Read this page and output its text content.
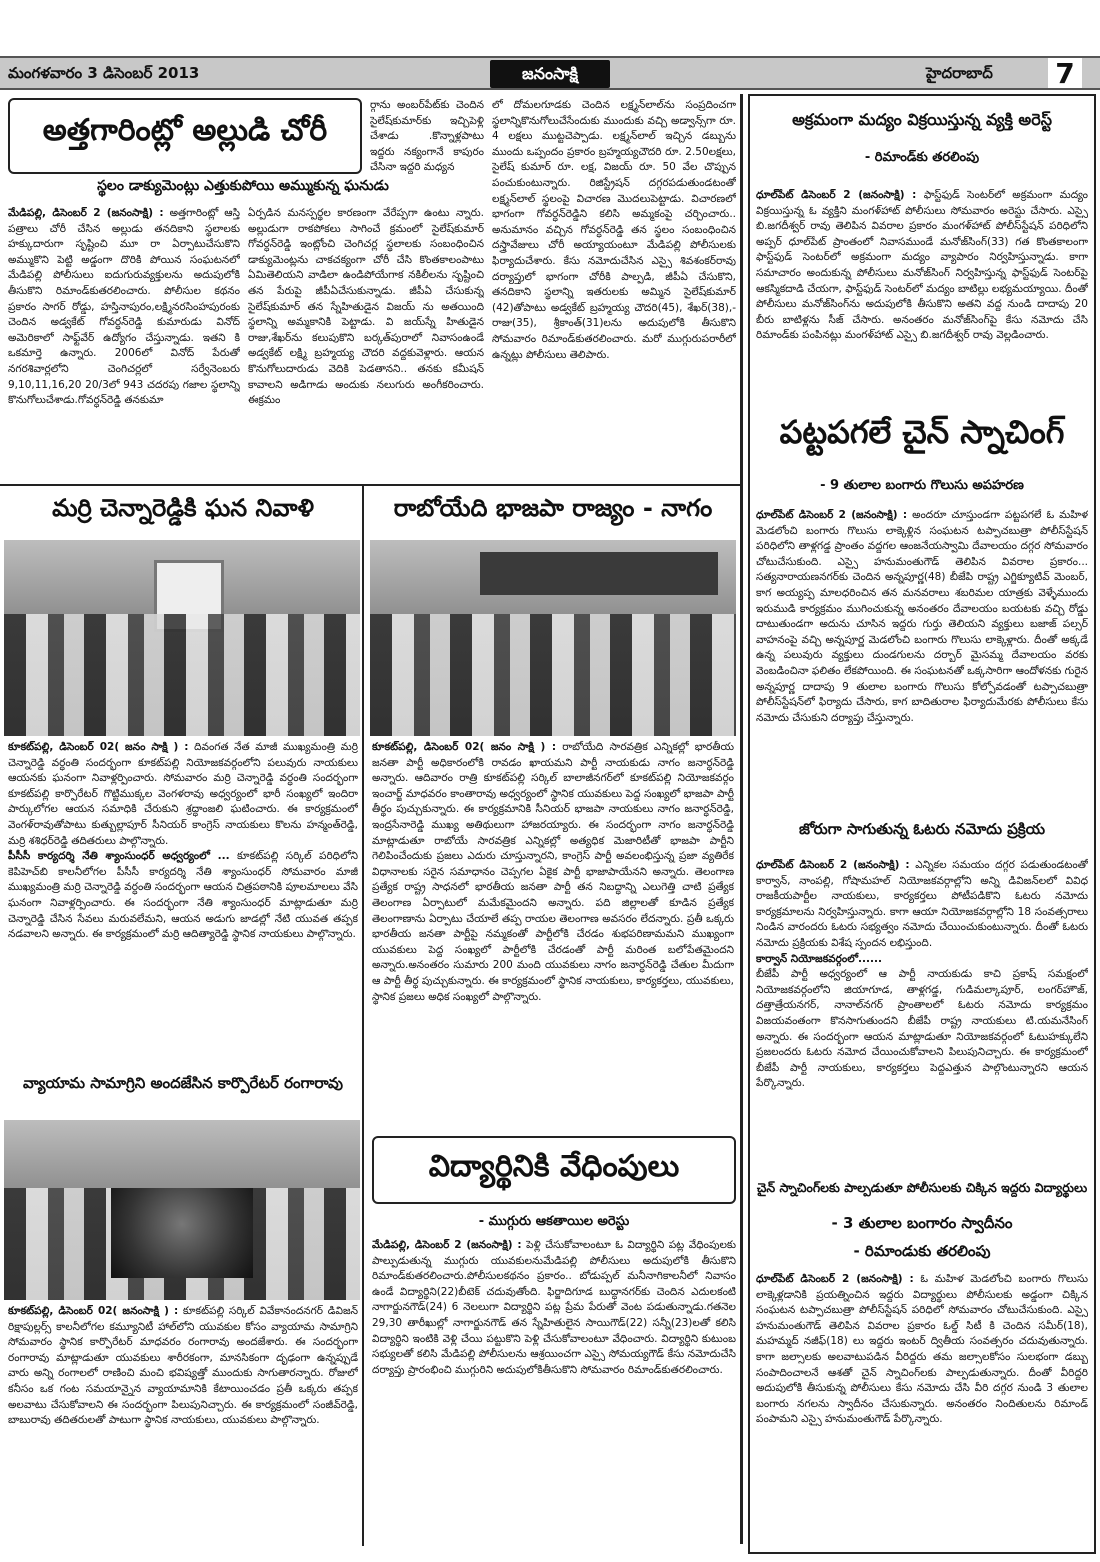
మంగళవారం 3 డిసెంబర్ 2013	జనంసాక్షి	హైదరాబాద్ 7
అత్తగారింట్లో అల్లుడి చోరీ
స్థలం డాక్యుమెంట్లు ఎత్తుకుపోయి అమ్ముకున్న ఘనుడు
మేడిపల్లి, డిసెంబర్ 2 (జనంసాక్షి) : అత్తగారింట్లో ఆస్తి పత్రాలు చోరీ చేసిన అల్లుడు తనదికాని స్థలాలకు హక్కుదారుగా సృష్టించి మూ రా ఏర్పాటుచేసుకొని అమ్ముకొని పెట్టి అడ్డంగా దొరికి పోయిన సంఘటనలో మేడిపల్లి పోలీసులు ఐదుగురువ్యక్తులను అదుపులోకి తీసుకొని రిమాండ్‌కుతరలించారు. పోలీసుల కథనం ప్రకారం సాగర్ రోడ్డు, హస్తినాపురం,లక్ష్మినరసింహపురంకు చెందిన అడ్వకేట్ గోవర్ధన్‌రెడ్డి కుమారుడు వినోద్ అమెరికాలో సాఫ్ట్‌వేర్ ఉద్యోగం చేస్తున్నాడు. ఇతని కి ఒకమార్తె ఉన్నారు. 2006లో వినోద్ పేరుతో నగరశివార్లలోని చెంగిచర్లలో సర్వేనెంబరు 9,10,11,16,20 20/3లో 943 చదరపు గజాల స్థలాన్ని కొనుగోలుచేశాడు.గోవర్ధన్‌రెడ్డి తనకుమా
ఏర్పడిన మనస్పర్థల కారణంగా వేరేప్పగా ఉంటు న్నారు. అల్లుడుగా రాకపోకలు సాగించే క్రమంలో సైలేష్‌కుమార్ గోవర్ధన్‌రెడ్డి ఇంట్లోంచి చెంగిచర్ల స్థలాలకు సంబంధించిన డాక్యుమెంట్లను చాకచక్యంగా చోరీ చేసి కొంతకాలంపాటు ఏమితెలియని వాడిలా ఉండిపోయేగాక నకిలీలను సృష్టించి తన పేరుపై జీపీఏచేసుకున్నాడు. జీపీఏ చేసుకున్న సైలేష్‌కుమార్ తన స్నేహితుడైన విజయ్ ను అతయింది స్థలాన్ని అమ్మకానికి పెట్టాడు. వి జయ్‌స్నే హితుడైన రాజు,శేఖర్‌ను కలుపుకొని బర్కత్‌పురాలో నివాసంఉండే అడ్వకేట్ లక్ష్మి బ్రహ్మయ్య చౌదరి వద్దకువెళ్లారు. ఆయన కొనుగోలుదారుడు వెదికి పెడతానని.. తనకు కమీషన్ కావాలని అడిగాడు అందుకు నలుగురు అంగీకరించారు. ఈక్రమం
ర్గాను అంబర్‌పేట్‌కు చెందిన సైలేష్‌కుమార్‌కు ఇచ్చిపెళ్లి చేశాడు .కొన్నాళ్లపాటు ఇద్దరు నక్యంగానే కాపురం చేసినా ఇద్దరి మధ్యన
లో దోమలగూడకు చెందిన లక్ష్మన్‌లాల్‌ను సంప్రదించగా స్థలాన్నికొనుగోలుచేసేందుకు ముందుకు వచ్చి అడ్వాన్స్‌గా రూ. 4 లక్షలు ముట్టచెప్పాడు. లక్ష్మన్‌లాల్ ఇచ్చిన డబ్బును ముందు ఒప్పందం ప్రకారం బ్రహ్మయ్యచౌదరి రూ. 2.50లక్షలు, సైలేష్ కుమార్ రూ. లక్ష, విజయ్ రూ. 50 వేల చొప్పున పంచుకుంటున్నారు. రిజిస్ట్రేషన్ దగ్గరపడుతుండటంతో లక్ష్మన్‌లాల్ స్థలంపై విచారణ మొదలుపెట్టాడు. విచారణలో భాగంగా గోవర్ధన్‌రెడ్డిని కలిసి అమ్మకంపై చర్చించారు.. అనుమానం వచ్చిన గోవర్ధన్‌రెడ్డి తన స్థలం సంబంధించిన దస్త్రావేజులు చోరీ అయ్యాయంటూ మేడిపల్లి పోలీసులకు ఫిర్యాదుచేశారు. కేసు నమోదుచేసిన ఎస్సై శివశంకర్‌రావు దర్యాప్తులో భాగంగా చోరీకి పాల్పడి, జీపీఏ చేసుకొని, తనదికాని స్థలాన్ని ఇతరులకు అమ్మిన సైలేష్‌కుమార్ (42)తోపాటు అడ్వకేట్ బ్రహ్మయ్య చౌదరి(45), శేఖర్(38),-రాజు(35), శ్రీకాంత్(31)లను అదుపులోకి తీసుకొని సోమవారం రిమాండ్‌కుతరలించారు. మరో ముగ్గురుపరారీలో ఉన్నట్లు పోలీసులు తెలిపారు.
మర్రి చెన్నారెడ్డికి ఘన నివాళి
కూకట్‌పల్లి, డిసెంబర్ 02( జనం సాక్షి ) : దివంగత నేత మాజీ ముఖ్యమంత్రి మర్రి చెన్నారెడ్డి వర్ధంతి సందర్భంగా కూకట్‌పల్లి నియోజకవర్గంలోని పలువురు నాయకులు ఆయనకు ఘనంగా నివాళ్లర్పించారు. సోమవారం మర్రి చెన్నారెడ్డి వర్ధంతి సందర్భంగా కూకట్‌పల్లి కార్పొరేటర్ గొట్టిముక్కల వెంగళరావు అధ్వర్యంలో భారీ సంఖ్యలో ఇందిరా పార్కులోగల ఆయన సమాధికి చేరుకుని శ్రద్ధాంజలి ఘటించారు. ఈ కార్యక్రమంలో వెంగళ్‌రావుతోపాటు కుత్బుల్లాపూర్ సీనియర్ కాంగ్రెస్ నాయకులు కొలను హన్మంత్‌రెడ్డి, మర్రి శశిధర్‌రెడ్డి తదితరులు పాల్గొన్నారు.
పీసీసీ కార్యదర్శి నేతి శ్యాంసుంధర్ అధ్వర్యంలో ... కూకట్‌పల్లి సర్కిల్ పరిధిలోని కెపిహెచ్‌బి కాలనీలోగల పీసీసీ కార్యదర్శి నేతి శ్యాంసుంధర్ సోమవారం మాజీ ముఖ్యమంత్రి మర్రి చెన్నారెడ్డి వర్ధంతి సందర్భంగా ఆయన చిత్రపఠానికి పూలమాలలు వేసి ఘనంగా నివాళ్లర్పించారు. ఈ సందర్భంగా నేతి శ్యాంసుంధర్ మాట్లాడుతూ మర్రి చెన్నారెడ్డి చేసిన సేవలు మరువలేమని, ఆయన అడుగు జాడల్లో నేటి యువత తప్పక నడవాలని అన్నారు. ఈ కార్యక్రమంలో మర్రి ఆదిత్యారెడ్డి స్థానిక నాయకులు పాల్గొన్నారు.
వ్యాయామ సామాగ్రిని అందజేసిన కార్పొరేటర్ రంగారావు
కూకట్‌పల్లి, డిసెంబర్ 02( జనంసాక్షి ) : కూకట్‌పల్లి సర్కిల్ వివేకానందనగర్ డివిజన్ రిక్షాపుల్లర్స్ కాలనీలోగల కమ్యూనిటీ హాల్‌లోని యువకుల కోసం వ్యాయామ సామాగ్రిని సోమవారం స్థానిక కార్పొరేటర్ మాధవరం రంగారావు అందజేశారు. ఈ సందర్భంగా రంగారావు మాట్లాడుతూ యువకులు శారీరకంగా, మానసికంగా దృఢంగా ఉన్నప్పుడే వారు అన్ని రంగాలలో రాణించి మంచి భవిష్యత్తో ముందుకు సాగుతారన్నారు. రోజులో కనీసం ఒక గంట సమయాన్నైన వ్యాయామానికి కేటాయించడం ప్రతీ ఒక్కరు తప్పక అలవాటు చేసుకోవాలని ఈ సందర్భంగా పిలుపునిచ్చారు. ఈ కార్యక్రమంలో సంజీవ్‌రెడ్డి, బాబురావు తదితరులతో పాటుగా స్థానిక నాయకులు, యువకులు పాల్గొన్నారు.
రాబోయేది భాజపా రాజ్యం - నాగం
కూకట్‌పల్లి, డిసెంబర్ 02( జనం సాక్షి ) : రాబోయేది సారవత్రిక ఎన్నికల్లో భారతీయ జనతా పార్టీ అధికారంలోకి రావడం ఖాయమని పార్టీ నాయకుడు నాగం జనార్ధన్‌రెడ్డి అన్నారు. ఆదివారం రాత్రి కూకట్‌పల్లి సర్కిల్ బాలాజీనగర్‌లో కూకట్‌పల్లి నియోజకవర్గం ఇంచార్జ్ మాధవరం కాంతారావు అధ్వర్యంలో స్థానిక యువకులు పెద్ద సంఖ్యలో భాజపా పార్టీ తీర్థం పుచ్చుకున్నారు. ఈ కార్యక్రమానికి సీనియర్ భాజపా నాయకులు నాగం జనార్ధన్‌రెడ్డి, ఇంద్రసేనారెడ్డి ముఖ్య అతిథులుగా హాజరయ్యారు. ఈ సందర్భంగా నాగం జనార్ధన్‌రెడ్డి మాట్లాడుతూ రాబోయే సారవత్రిక ఎన్నికల్లో అత్యధిక మెజారిటీతో భాజపా పార్టీని గెలిపించేందుకు ప్రజలు ఎదురు చూస్తున్నారని, కాంగ్రెస్ పార్టీ అవలంభిస్తున్న ప్రజా వ్యతిరేక విధానాలకు సరైన సమాధానం చెప్పగల ఏకైక పార్టీ భాజాపాయేనని అన్నారు. తెలంగాణ ప్రత్యేక రాష్ట్ర సాధనలో భారతీయ జనతా పార్టీ తన నిబద్ధాన్ని ఎలుగెత్తి చాటి ప్రత్యేక తెలంగాణ ఏర్పాటులో మమేకమైందని అన్నారు. పది జిల్లాలతో కూడిన ప్రత్యేక తెలంగాణాను ఏర్పాటు చేయాలే తప్ప రాయల తెలంగాణ అవసరం లేదన్నారు. ప్రతీ ఒక్కరు భారతీయ జనతా పార్టీపై నమ్మకంతో పార్టీలోకి చేరడం శుభపరిణామమని ముఖ్యంగా యువకులు పెద్ద సంఖ్యలో పార్టీలోకి చేరడంతో పార్టీ మరింత బలోపేతమైందని అన్నారు.అనంతరం సుమారు 200 మంది యువకులు నాగం జనార్ధన్‌రెడ్డి చేతుల మీదుగా ఆ పార్టీ తీర్థ పుచ్చుకున్నారు. ఈ కార్యక్రమంలో స్థానిక నాయకులు, కార్యకర్తలు, యువకులు, స్థానిక ప్రజలు అధిక సంఖ్యలో పాల్గొన్నారు.
విద్యార్థినికి వేధింపులు
- ముగ్గురు ఆకతాయిల అరెస్టు
మేడిపల్లి, డిసెంబర్ 2 (జనంసాక్షి) : పెళ్లి చేసుకోవాలంటూ ఓ విద్యార్థిని పట్ల వేధింపులకు పాల్పుడుతున్న ముగ్గురు యువకులనుమేడిపల్లి పోలీసులు అదుపులోకి తీసుకొని రిమాండ్‌కుతరలించారు.పోలీసులకథనం ప్రకారం.. బోడుప్పల్ మనీనాగికాలనీలో నివాసం ఉండే విద్యార్థిని(22)బీటెక్ చదువుతోంది. ఫిర్జాదిగూడ బుద్ధానగర్‌కు చెందిన ఎదులకంటి నాగార్జునగౌడ్(24) 6 నెలలుగా విద్యార్థిని పట్ల ప్రేమ పేరుతో వెంట పడుతున్నాడు.గతనెల 29,30 తారీఖుల్లో నాగార్జునగౌడ్ తన స్నేహితులైన సాయిగౌడ్(22) సన్నీ(23)లతో కలిసి విద్యార్థిని ఇంటికి వెళ్లి చేయి పట్టుకొని పెళ్లి చేసుకోవాలంటూ వేధించారు. విద్యార్థిని కుటుంబ సభ్యులతో కలిసి మేడిపల్లి పోలీసులను ఆశ్రయించగా ఎస్సై సోమయ్యగౌడ్ కేసు నమోదుచేసి దర్యాప్తు ప్రారంభించి ముగ్గురిని అదుపులోకితీసుకొని సోమవారం రిమాండ్‌కుతరలించారు.
అక్రమంగా మద్యం విక్రయిస్తున్న వ్యక్తి అరెస్ట్
- రిమాండ్‌కు తరలింపు
ధూల్‌పేట్ డిసెంబర్ 2 (జనంసాక్షి) : ఫాస్ట్‌ఫుడ్ సెంటర్‌లో అక్రమంగా మద్యం విక్రయిస్తున్న ఓ వ్యక్తిని మంగళ్‌హాట్ పోలీసులు సోమవారం అరెస్టు చేసారు. ఎస్సై బి.జగదీశ్వర్ రావు తెలిపిన వివరాల ప్రకారం మంగళ్‌హాట్ పోలీస్‌స్టేషన్ పరిధిలోని అప్పర్ ధూల్‌పేట్ ప్రాంతంలో నివాసముండే మనోజ్‌సింగ్(33) గత కొంతకాలంగా ఫాస్ట్‌ఫుడ్ సెంటర్‌లో అక్రమంగా మద్యం వ్యాపారం నిర్వహిస్తున్నాడు. కాగా సమాచారం అందుకున్న పోలీసులు మనోజ్‌సింగ్ నిర్వహిస్తున్న ఫాస్ట్‌ఫుడ్ సెంటర్‌పై ఆకస్మికదాడి చేయగా, ఫాస్ట్‌ఫుడ్ సెంటర్‌లో మద్యం బాటిల్లు లభ్యమయ్యాయి. దీంతో పోలీసులు మనోజ్‌సింగ్‌ను అదుపులోకి తీసుకొని అతని వద్ద నుండి దాదాపు 20 బీరు బాటిళ్లను సీజ్ చేసారు. అనంతరం మనోజ్‌సింగ్‌పై కేసు నమోదు చేసి రిమాండ్‌కు పంపినట్లు మంగళ్‌హాట్ ఎస్సై బి.జగదీశ్వర్ రావు వెల్లడించారు.
పట్టపగలే చైన్ స్నాచింగ్
- 9 తులాల బంగారు గొలుసు అపహరణ
ధూల్‌పేట్ డిసెంబర్ 2 (జనంసాక్షి) : అందరూ చూస్తుండగా పట్టపగలే ఓ మహిళ మెడలోంచి బంగారు గొలుసు లాక్కెళ్లిన సంఘటన టప్పాచబుత్రా పోలీస్‌స్టేషన్ పరిధిలోని తాళ్లగడ్డ ప్రాంతం వద్దగల ఆంజనేయస్వామి దేవాలయం దగ్గర సోమవారం చోటుచేసుకుంది. ఎస్సై హనుమంతుగౌడ్ తెలిపిన వివరాల ప్రకారం... సత్యనారాయణనగర్‌కు చెందిన అన్నపూర్ణ(48) బీజేపి రాష్ట్ర ఎగ్జిక్యూటివ్ మెంబర్, కాగ అయ్యప్ప మాలధరించిన తన మనవరాలు శబరిమల యాత్రకు వెళ్ళేముందు ఇరుముడి కార్యక్రమం ముగించుకున్న అనంతరం దేవాలయం బయటకు వచ్చి రోడ్డు దాటుతుండగా అదును చూసిన ఇద్దరు గుర్తు తెలియని వ్యక్తులు బజాజ్ పల్సర్ వాహనంపై వచ్చి అన్నపూర్ణ మెడలోంచి బంగారు గొలుసు లాక్కెళ్లారు. దీంతో అక్కడే ఉన్న పలువురు వ్యక్తులు దుండగులను దర్బార్ మైసమ్మ దేవాలయం వరకు వెంబడించినా ఫలితం లేకపోయింది. ఈ సంఘటనతో ఒక్కసారిగా ఆందోళనకు గురైన అన్నపూర్ణ దాదాపు 9 తులాల బంగారు గొలుసు కోల్పోవడంతో టప్పాచబుత్రా పోలీస్‌స్టేషన్‌లో ఫిర్యాదు చేసారు, కాగ బాదితురాల ఫిర్యాదుమేరకు పోలీసులు కేసు నమోదు చేసుకుని దర్యాప్తు చేస్తున్నారు.
జోరుగా సాగుతున్న ఓటరు నమోదు ప్రక్రియ
ధూల్‌పేట్ డిసెంబర్ 2 (జనంసాక్షి) : ఎన్నికల సమయం దగ్గర పడుతుండటంతో కార్వాన్, నాంపల్లి, గోషామహల్ నియోజకవర్గాల్లోని అన్ని డివిజన్‌లలో వివిధ రాజకీయపార్టీల నాయకులు, కార్యకర్తలు పోటీపడికొని ఓటరు నమోదు కార్యక్రమాలను నిర్వహిస్తున్నారు. కాగా ఆయా నియోజకవర్గాల్లోని 18 సంవత్సరాలు నిండిన వారందరు ఓటరు సభ్యత్వం నమోదు చేయించుకుంటున్నారు. దీంతో ఓటరు నమోదు ప్రక్రియకు విశేష స్పందన లభిస్తుంది.
కార్వాన్ నియోజకవర్గంలో......
బీజేపీ పార్టీ అధ్వర్యంలో ఆ పార్టీ నాయకుడు కాచి ప్రకాష్ సమక్షంలో నియోజకవర్గంలోని జియాగూడ, తాళ్లగడ్డ, గుడిమల్కాపూర్, లంగర్‌హౌజ్, దత్తాత్రేయనగర్, నానాల్‌నగర్ ప్రాంతాలలో ఓటరు నమోదు కార్యక్రమం విజయవంతంగా కొనసాగుతుందని బీజేపీ రాష్ట్ర నాయకులు టి.యమనేసింగ్ అన్నారు. ఈ సందర్భంగా ఆయన మాట్లాడుతూ నియోజకవర్గంలో ఓటుహక్కులేని ప్రజలందరు ఓటరు నమోద చేయించుకోవాలని పిలుపునిచ్చారు. ఈ కార్యక్రమంలో బీజేపీ పార్టీ నాయకులు, కార్యకర్తలు పెద్దఎత్తున పాల్గొంటున్నారని ఆయన పేర్కొన్నారు.
చైన్ స్నాచింగ్‌లకు పాల్పడుతూ పోలీసులకు చిక్కిన ఇద్దరు విద్యార్థులు
- 3 తులాల బంగారం స్వాదీనం
- రిమాండుకు తరలింపు
ధూల్‌పేట్ డిసెంబర్ 2 (జనంసాక్షి) : ఓ మహిళ మెడలోంచి బంగారు గొలుసు లాక్కెళ్లడానికి ప్రయత్నించిన ఇద్దరు విద్యార్థులు పోలీసులకు అడ్డంగా చిక్కిన సంఘటన టప్పాచబుత్రా పోలీస్‌స్టేషన్ పరిధిలో సోమవారం చోటుచేసుకుంది. ఎస్సై హనుమంతుగౌడ్ తెలిపిన వివరాల ప్రకారం ఓల్డ్ సిటీ కి చెందిన సమీర్(18), మహమ్మద్ నజీఫ్(18) లు ఇద్దరు ఇంటర్ ద్వితీయ సంవత్సరం చదువుతున్నారు. కాగా జల్సాలకు అలవాటుపడిన వీరిద్దరు తమ జల్సాలకోసం సులభంగా డబ్బు సంపాదించాలనే ఆశతో చైన్ స్నాచింగ్‌లకు పాల్పడుతున్నారు. దీంతో వీరిద్దరి అదుపులోకి తీసుకున్న పోలీసులు కేసు నమోదు చేసి వీరి దగ్గర నుండి 3 తులాల బంగారు నగలను స్వాదీనం చేసుకున్నారు. అనంతరం నిందితులను రిమాండ్ పంపామని ఎస్సై హనుమంతుగౌడ్ పేర్కొన్నారు.
